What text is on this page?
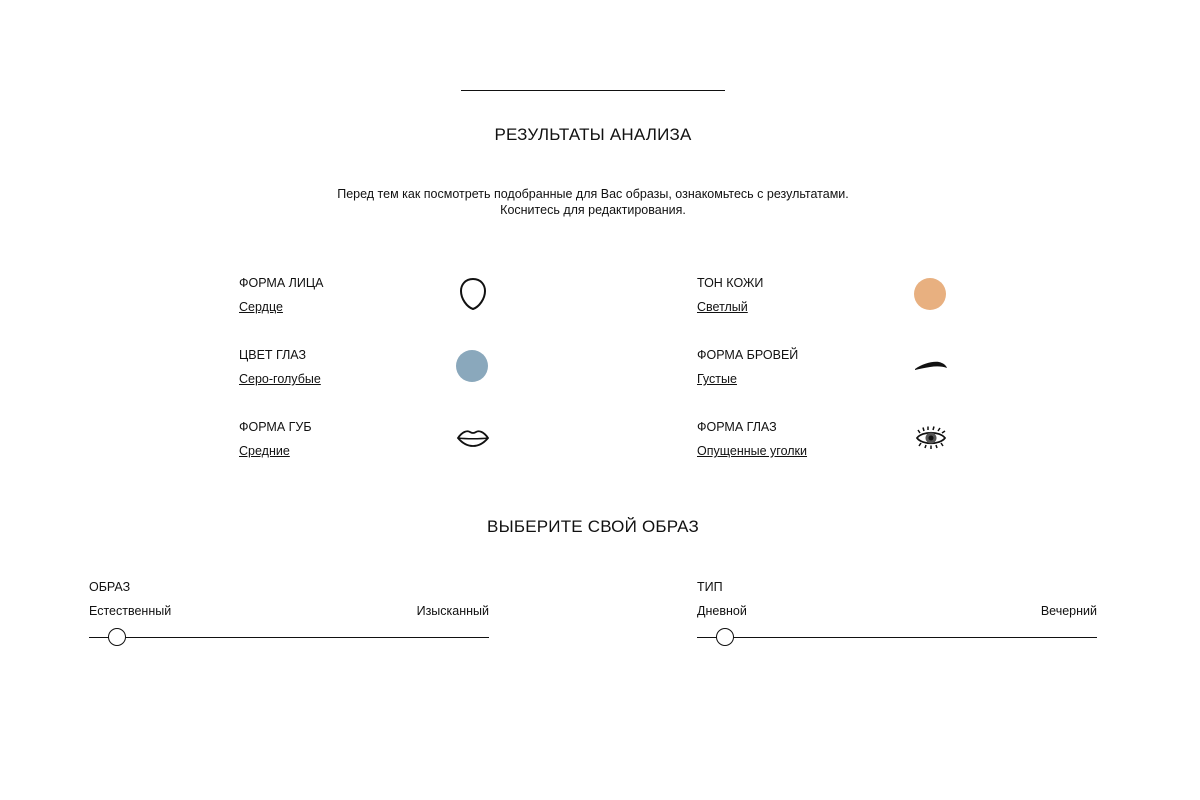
РЕЗУЛЬТАТЫ АНАЛИЗА
Перед тем как посмотреть подобранные для Вас образы, ознакомьтесь с результатами.
Коснитесь для редактирования.
ФОРМА ЛИЦА
Сердце
ТОН КОЖИ
Светлый
ЦВЕТ ГЛАЗ
Серо-голубые
ФОРМА БРОВЕЙ
Густые
ФОРМА ГУБ
Средние
ФОРМА ГЛАЗ
Опущенные уголки
ВЫБЕРИТЕ СВОЙ ОБРАЗ
ОБРАЗ
Естественный	Изысканный
ТИП
Дневной	Вечерний
